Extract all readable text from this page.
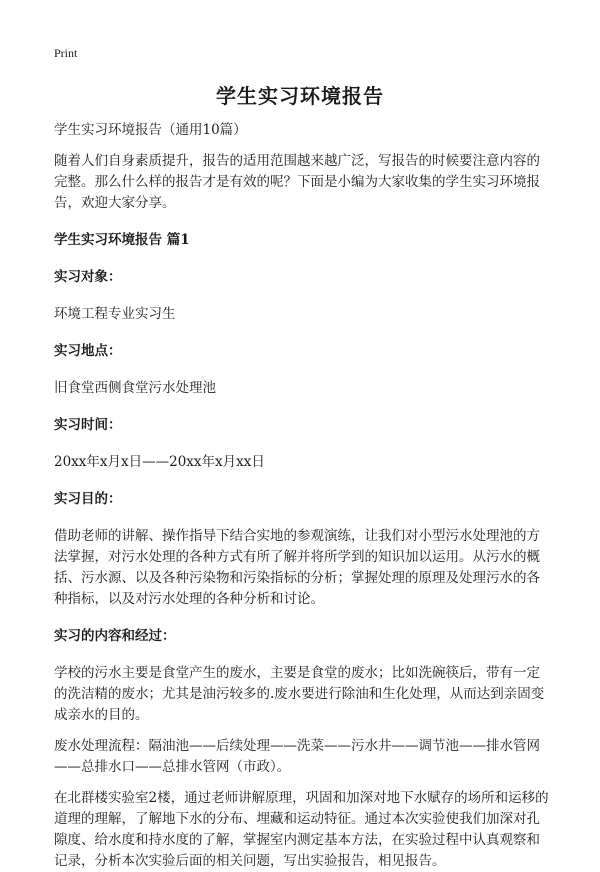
Print
学生实习环境报告

学生实习环境报告（通用10篇）

随着人们自身素质提升，报告的适用范围越来越广泛，写报告的时候要注意内容的完整。那么什么样的报告才是有效的呢？下面是小编为大家收集的学生实习环境报告，欢迎大家分享。

学生实习环境报告 篇1

实习对象：

环境工程专业实习生

实习地点：

旧食堂西侧食堂污水处理池

实习时间：

20xx年x月x日——20xx年x月xx日

实习目的：

借助老师的讲解、操作指导下结合实地的参观演练，让我们对小型污水处理池的方法掌握，对污水处理的各种方式有所了解并将所学到的知识加以运用。从污水的概括、污水源、以及各种污染物和污染指标的分析；掌握处理的原理及处理污水的各种指标，以及对污水处理的各种分析和讨论。

实习的内容和经过：

学校的污水主要是食堂产生的废水，主要是食堂的废水；比如洗碗筷后，带有一定的洗洁精的废水；尤其是油污较多的.废水要进行除油和生化处理，从而达到亲固变成亲水的目的。

废水处理流程：隔油池——后续处理——洗菜——污水井——调节池——排水管网——总排水口——总排水管网（市政）。

在北群楼实验室2楼，通过老师讲解原理，巩固和加深对地下水赋存的场所和运移的道理的理解，了解地下水的分布、埋藏和运动特征。通过本次实验使我们加深对孔隙度、给水度和持水度的了解，掌握室内测定基本方法，在实验过程中认真观察和记录，分析本次实验后面的相关问题，写出实验报告，相见报告。
